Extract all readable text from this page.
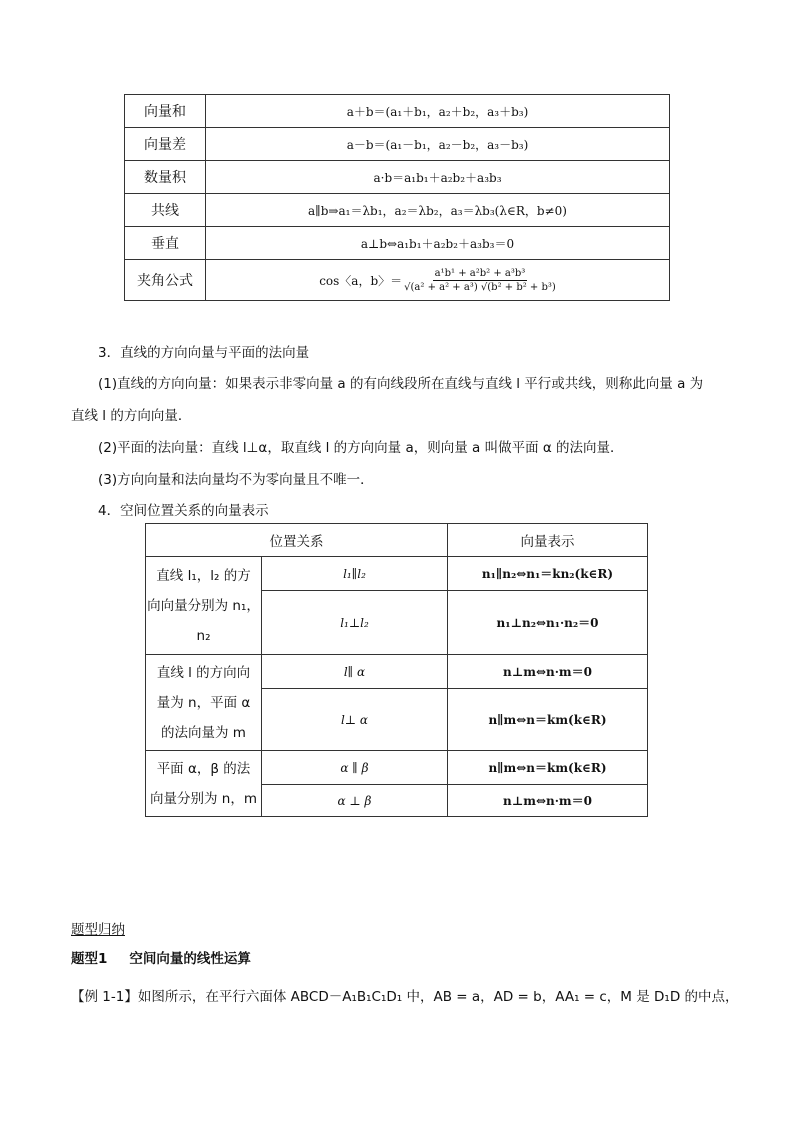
向量和	a＋b＝(a₁＋b₁，a₂＋b₂，a₃＋b₃)
向量差	a－b＝(a₁－b₁，a₂－b₂，a₃－b₃)
数量积	a·b＝a₁b₁＋a₂b₂＋a₃b₃
共线	a∥b⇒a₁＝λb₁，a₂＝λb₂，a₃＝λb₃(λ∈R，b≠0)
垂直	a⊥b⇔a₁b₁＋a₂b₂＋a₃b₃＝0
夹角公式	cos〈a，b〉＝ $\frac{\text{a¹b¹ + a²b² + a³b³}}{\text{√(a² + a² + a³) √(b² + b² + b³)}}$
3．直线的方向向量与平面的法向量
(1)直线的方向向量：如果表示非零向量 a 的有向线段所在直线与直线 l 平行或共线，则称此向量 a 为
直线 l 的方向向量．
(2)平面的法向量：直线 l⊥α，取直线 l 的方向向量 a，则向量 a 叫做平面 α 的法向量．
(3)方向向量和法向量均不为零向量且不唯一．
4．空间位置关系的向量表示
位置关系		向量表示

直线 l₁，l₂ 的方
向向量分别为 n₁，
n₂	l₁∥l₂	n₁∥n₂⇔n₁＝kn₂(k∈R)
	l₁⊥l₂	n₁⊥n₂⇔n₁·n₂＝0

直线 l 的方向向
量为 n，平面 α
的法向量为 m	l∥ α	n⊥m⇔n·m＝0
	l⊥ α	n∥m⇔n＝km(k∈R)

平面 α，β 的法
向量分别为 n，m	α ∥ β	n∥m⇔n＝km(k∈R)
	α ⊥ β	n⊥m⇔n·m＝0
题型归纳
题型1 空间向量的线性运算
【例 1-1】如图所示，在平行六面体 ABCD－A₁B₁C₁D₁ 中，AB = a，AD = b，AA₁ = c，M 是 D₁D 的中点，
